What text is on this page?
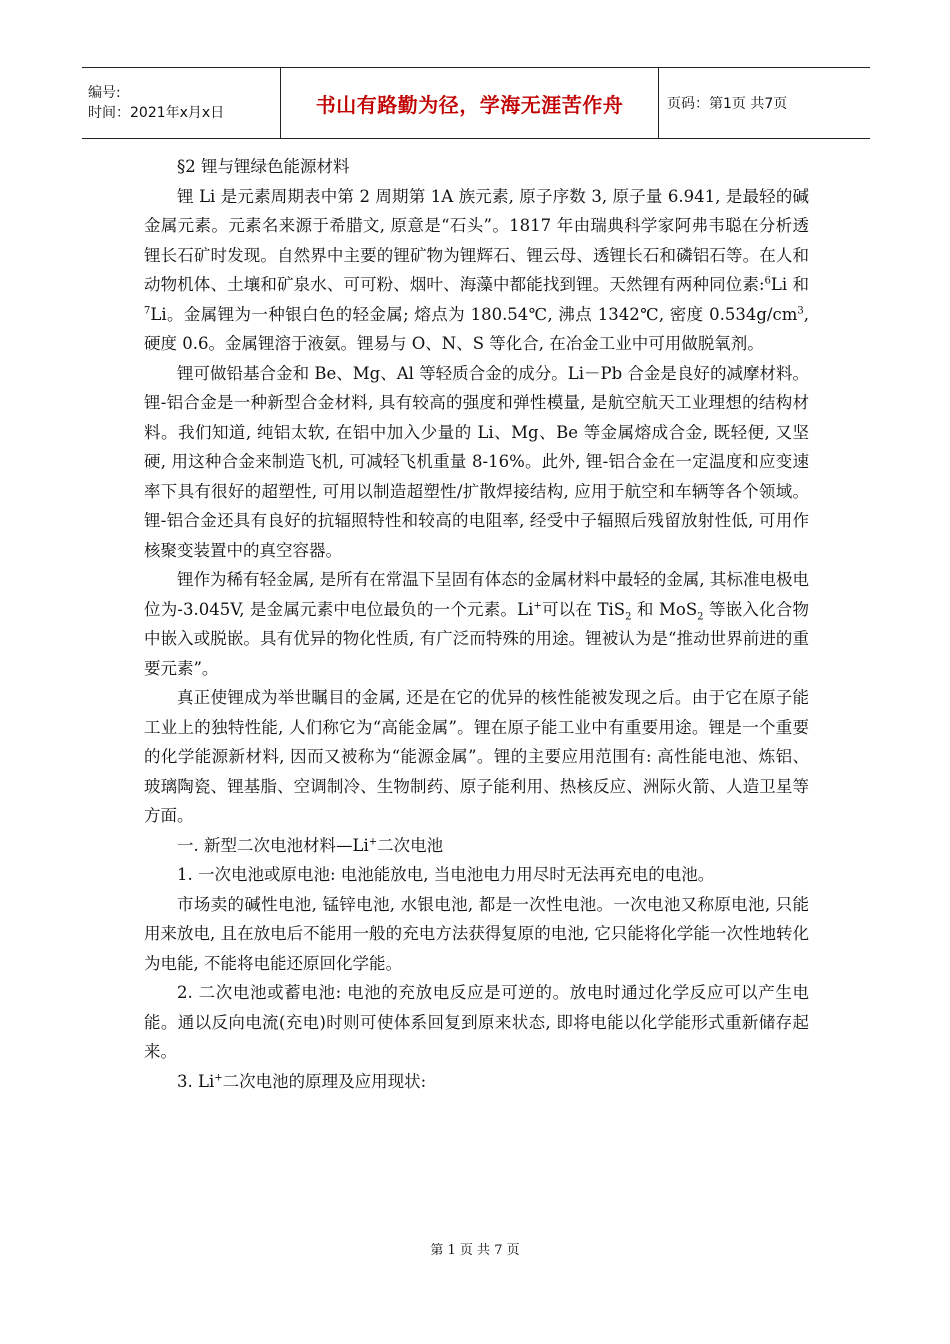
编号:
时间：2021年x月x日	书山有路勤为径，学海无涯苦作舟	页码：第1页 共7页

§2 锂与锂绿色能源材料

锂 Li 是元素周期表中第 2 周期第 1A 族元素, 原子序数 3, 原子量 6.941, 是最轻的碱金属元素。元素名来源于希腊文, 原意是“石头”。1817 年由瑞典科学家阿弗韦聪在分析透锂长石矿时发现。自然界中主要的锂矿物为锂辉石、锂云母、透锂长石和磷铝石等。在人和动物机体、土壤和矿泉水、可可粉、烟叶、海藻中都能找到锂。天然锂有两种同位素:$^6$Li 和 $^7$Li。金属锂为一种银白色的轻金属; 熔点为 180.54℃, 沸点 1342℃, 密度 $0.534g/cm^3$, 硬度 0.6。金属锂溶于液氨。锂易与 O、N、S 等化合, 在冶金工业中可用做脱氧剂。

锂可做铅基合金和 Be、Mg、Al 等轻质合金的成分。Li－Pb 合金是良好的减摩材料。锂-铝合金是一种新型合金材料, 具有较高的强度和弹性模量, 是航空航天工业理想的结构材料。我们知道, 纯铝太软, 在铝中加入少量的 Li、Mg、Be 等金属熔成合金, 既轻便, 又坚硬, 用这种合金来制造飞机, 可减轻飞机重量 8-16%。此外, 锂-铝合金在一定温度和应变速率下具有很好的超塑性, 可用以制造超塑性/扩散焊接结构, 应用于航空和车辆等各个领域。锂-铝合金还具有良好的抗辐照特性和较高的电阻率, 经受中子辐照后残留放射性低, 可用作核聚变装置中的真空容器。

锂作为稀有轻金属, 是所有在常温下呈固有体态的金属材料中最轻的金属, 其标准电极电位为-3.045V, 是金属元素中电位最负的一个元素。Li+可以在 TiS$_2$ 和 MoS$_2$ 等嵌入化合物中嵌入或脱嵌。具有优异的物化性质, 有广泛而特殊的用途。锂被认为是“推动世界前进的重要元素”。

真正使锂成为举世瞩目的金属, 还是在它的优异的核性能被发现之后。由于它在原子能工业上的独特性能, 人们称它为“高能金属”。锂在原子能工业中有重要用途。锂是一个重要的化学能源新材料, 因而又被称为“能源金属”。锂的主要应用范围有: 高性能电池、炼铝、玻璃陶瓷、锂基脂、空调制冷、生物制药、原子能利用、热核反应、洲际火箭、人造卫星等方面。

一. 新型二次电池材料—Li+二次电池

1. 一次电池或原电池: 电池能放电, 当电池电力用尽时无法再充电的电池。

市场卖的碱性电池, 锰锌电池, 水银电池, 都是一次性电池。一次电池又称原电池, 只能用来放电, 且在放电后不能用一般的充电方法获得复原的电池, 它只能将化学能一次性地转化为电能, 不能将电能还原回化学能。

2. 二次电池或蓄电池: 电池的充放电反应是可逆的。放电时通过化学反应可以产生电能。通以反向电流(充电)时则可使体系回复到原来状态, 即将电能以化学能形式重新储存起来。

3. Li+二次电池的原理及应用现状:

第 1 页 共 7 页
